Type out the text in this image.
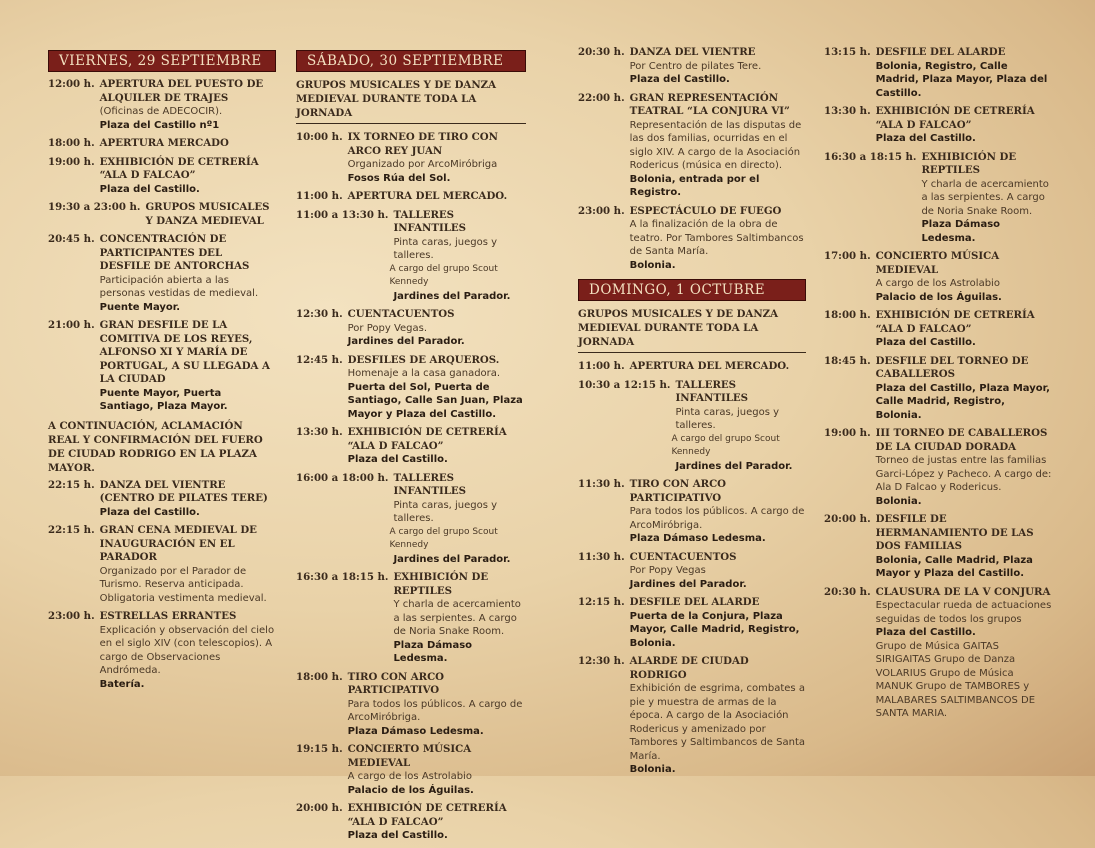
VIERNES, 29 SEPTIEMBRE
12:00 h. APERTURA DEL PUESTO DE ALQUILER DE TRAJES
(Oficinas de ADECOCIR).
Plaza del Castillo nº1
18:00 h. APERTURA MERCADO
19:00 h. EXHIBICIÓN DE CETRERÍA “ALA D FALCAO”
Plaza del Castillo.
19:30 a 23:00 h. GRUPOS MUSICALES Y DANZA MEDIEVAL
20:45 h. CONCENTRACIÓN DE PARTICIPANTES DEL DESFILE DE ANTORCHAS
Participación abierta a las personas vestidas de medieval.
Puente Mayor.
21:00 h. GRAN DESFILE DE LA COMITIVA DE LOS REYES, ALFONSO XI Y MARÍA DE PORTUGAL, A SU LLEGADA A LA CIUDAD
Puente Mayor, Puerta Santiago, Plaza Mayor.
A CONTINUACIÓN, ACLAMACIÓN REAL Y CONFIRMACIÓN DEL FUERO DE CIUDAD RODRIGO EN LA PLAZA MAYOR.
22:15 h. DANZA DEL VIENTRE (CENTRO DE PILATES TERE)
Plaza del Castillo.
22:15 h. GRAN CENA MEDIEVAL DE INAUGURACIÓN EN EL PARADOR
Organizado por el Parador de Turismo. Reserva anticipada. Obligatoria vestimenta medieval.
23:00 h. ESTRELLAS ERRANTES
Explicación y observación del cielo en el siglo XIV (con telescopios). A cargo de Observaciones Andrómeda.
Batería.
SÁBADO, 30 SEPTIEMBRE
GRUPOS MUSICALES Y DE DANZA MEDIEVAL DURANTE TODA LA JORNADA
10:00 h. IX TORNEO DE TIRO CON ARCO REY JUAN
Organizado por ArcoMiróbriga
Fosos Rúa del Sol.
11:00 h. APERTURA DEL MERCADO.
11:00 a 13:30 h. TALLERES INFANTILES
Pinta caras, juegos y talleres.
A cargo del grupo Scout Kennedy
Jardines del Parador.
12:30 h. CUENTACUENTOS
Por Popy Vegas.
Jardines del Parador.
12:45 h. DESFILES DE ARQUEROS.
Homenaje a la casa ganadora.
Puerta del Sol, Puerta de Santiago, Calle San Juan, Plaza Mayor y Plaza del Castillo.
13:30 h. EXHIBICIÓN DE CETRERÍA “ALA D FALCAO”
Plaza del Castillo.
16:00 a 18:00 h. TALLERES INFANTILES
Pinta caras, juegos y talleres.
A cargo del grupo Scout Kennedy
Jardines del Parador.
16:30 a 18:15 h. EXHIBICIÓN DE REPTILES
Y charla de acercamiento a las serpientes. A cargo de Noria Snake Room.
Plaza Dámaso Ledesma.
18:00 h. TIRO CON ARCO PARTICIPATIVO
Para todos los públicos. A cargo de ArcoMiróbriga.
Plaza Dámaso Ledesma.
19:15 h. CONCIERTO MÚSICA MEDIEVAL
A cargo de los Astrolabio
Palacio de los Águilas.
20:00 h. EXHIBICIÓN DE CETRERÍA “ALA D FALCAO”
Plaza del Castillo.
20:30 h. DANZA DEL VIENTRE
Por Centro de pilates Tere.
Plaza del Castillo.
22:00 h. GRAN REPRESENTACIÓN TEATRAL “LA CONJURA VI”
Representación de las disputas de las dos familias, ocurridas en el siglo XIV. A cargo de la Asociación Rodericus (música en directo).
Bolonia, entrada por el Registro.
23:00 h. ESPECTÁCULO DE FUEGO
A la finalización de la obra de teatro. Por Tambores Saltimbancos de Santa María.
Bolonia.
DOMINGO, 1 OCTUBRE
GRUPOS MUSICALES Y DE DANZA MEDIEVAL DURANTE TODA LA JORNADA
11:00 h. APERTURA DEL MERCADO.
10:30 a 12:15 h. TALLERES INFANTILES
Pinta caras, juegos y talleres.
A cargo del grupo Scout Kennedy
Jardines del Parador.
11:30 h. TIRO CON ARCO PARTICIPATIVO
Para todos los públicos. A cargo de ArcoMiróbriga.
Plaza Dámaso Ledesma.
11:30 h. CUENTACUENTOS
Por Popy Vegas
Jardines del Parador.
12:15 h. DESFILE DEL ALARDE
Puerta de la Conjura, Plaza Mayor, Calle Madrid, Registro, Bolonia.
12:30 h. ALARDE DE CIUDAD RODRIGO
Exhibición de esgrima, combates a pie y muestra de armas de la época. A cargo de la Asociación Rodericus y amenizado por Tambores y Saltimbancos de Santa María.
Bolonia.
13:15 h. DESFILE DEL ALARDE
Bolonia, Registro, Calle Madrid, Plaza Mayor, Plaza del Castillo.
13:30 h. EXHIBICIÓN DE CETRERÍA “ALA D FALCAO”
Plaza del Castillo.
16:30 a 18:15 h. EXHIBICIÓN DE REPTILES
Y charla de acercamiento a las serpientes. A cargo de Noria Snake Room.
Plaza Dámaso Ledesma.
17:00 h. CONCIERTO MÚSICA MEDIEVAL
A cargo de los Astrolabio
Palacio de los Águilas.
18:00 h. EXHIBICIÓN DE CETRERÍA “ALA D FALCAO”
Plaza del Castillo.
18:45 h. DESFILE DEL TORNEO DE CABALLEROS
Plaza del Castillo, Plaza Mayor, Calle Madrid, Registro, Bolonia.
19:00 h. III TORNEO DE CABALLEROS DE LA CIUDAD DORADA
Torneo de justas entre las familias Garci-López y Pacheco. A cargo de: Ala D Falcao y Rodericus.
Bolonia.
20:00 h. DESFILE DE HERMANAMIENTO DE LAS DOS FAMILIAS
Bolonia, Calle Madrid, Plaza Mayor y Plaza del Castillo.
20:30 h. CLAUSURA DE LA V CONJURA
Espectacular rueda de actuaciones seguidas de todos los grupos
Plaza del Castillo.
Grupo de Música GAITAS SIRIGAITAS Grupo de Danza VOLARIUS Grupo de Música MANUK Grupo de TAMBORES y MALABARES SALTIMBANCOS DE SANTA MARIA.
